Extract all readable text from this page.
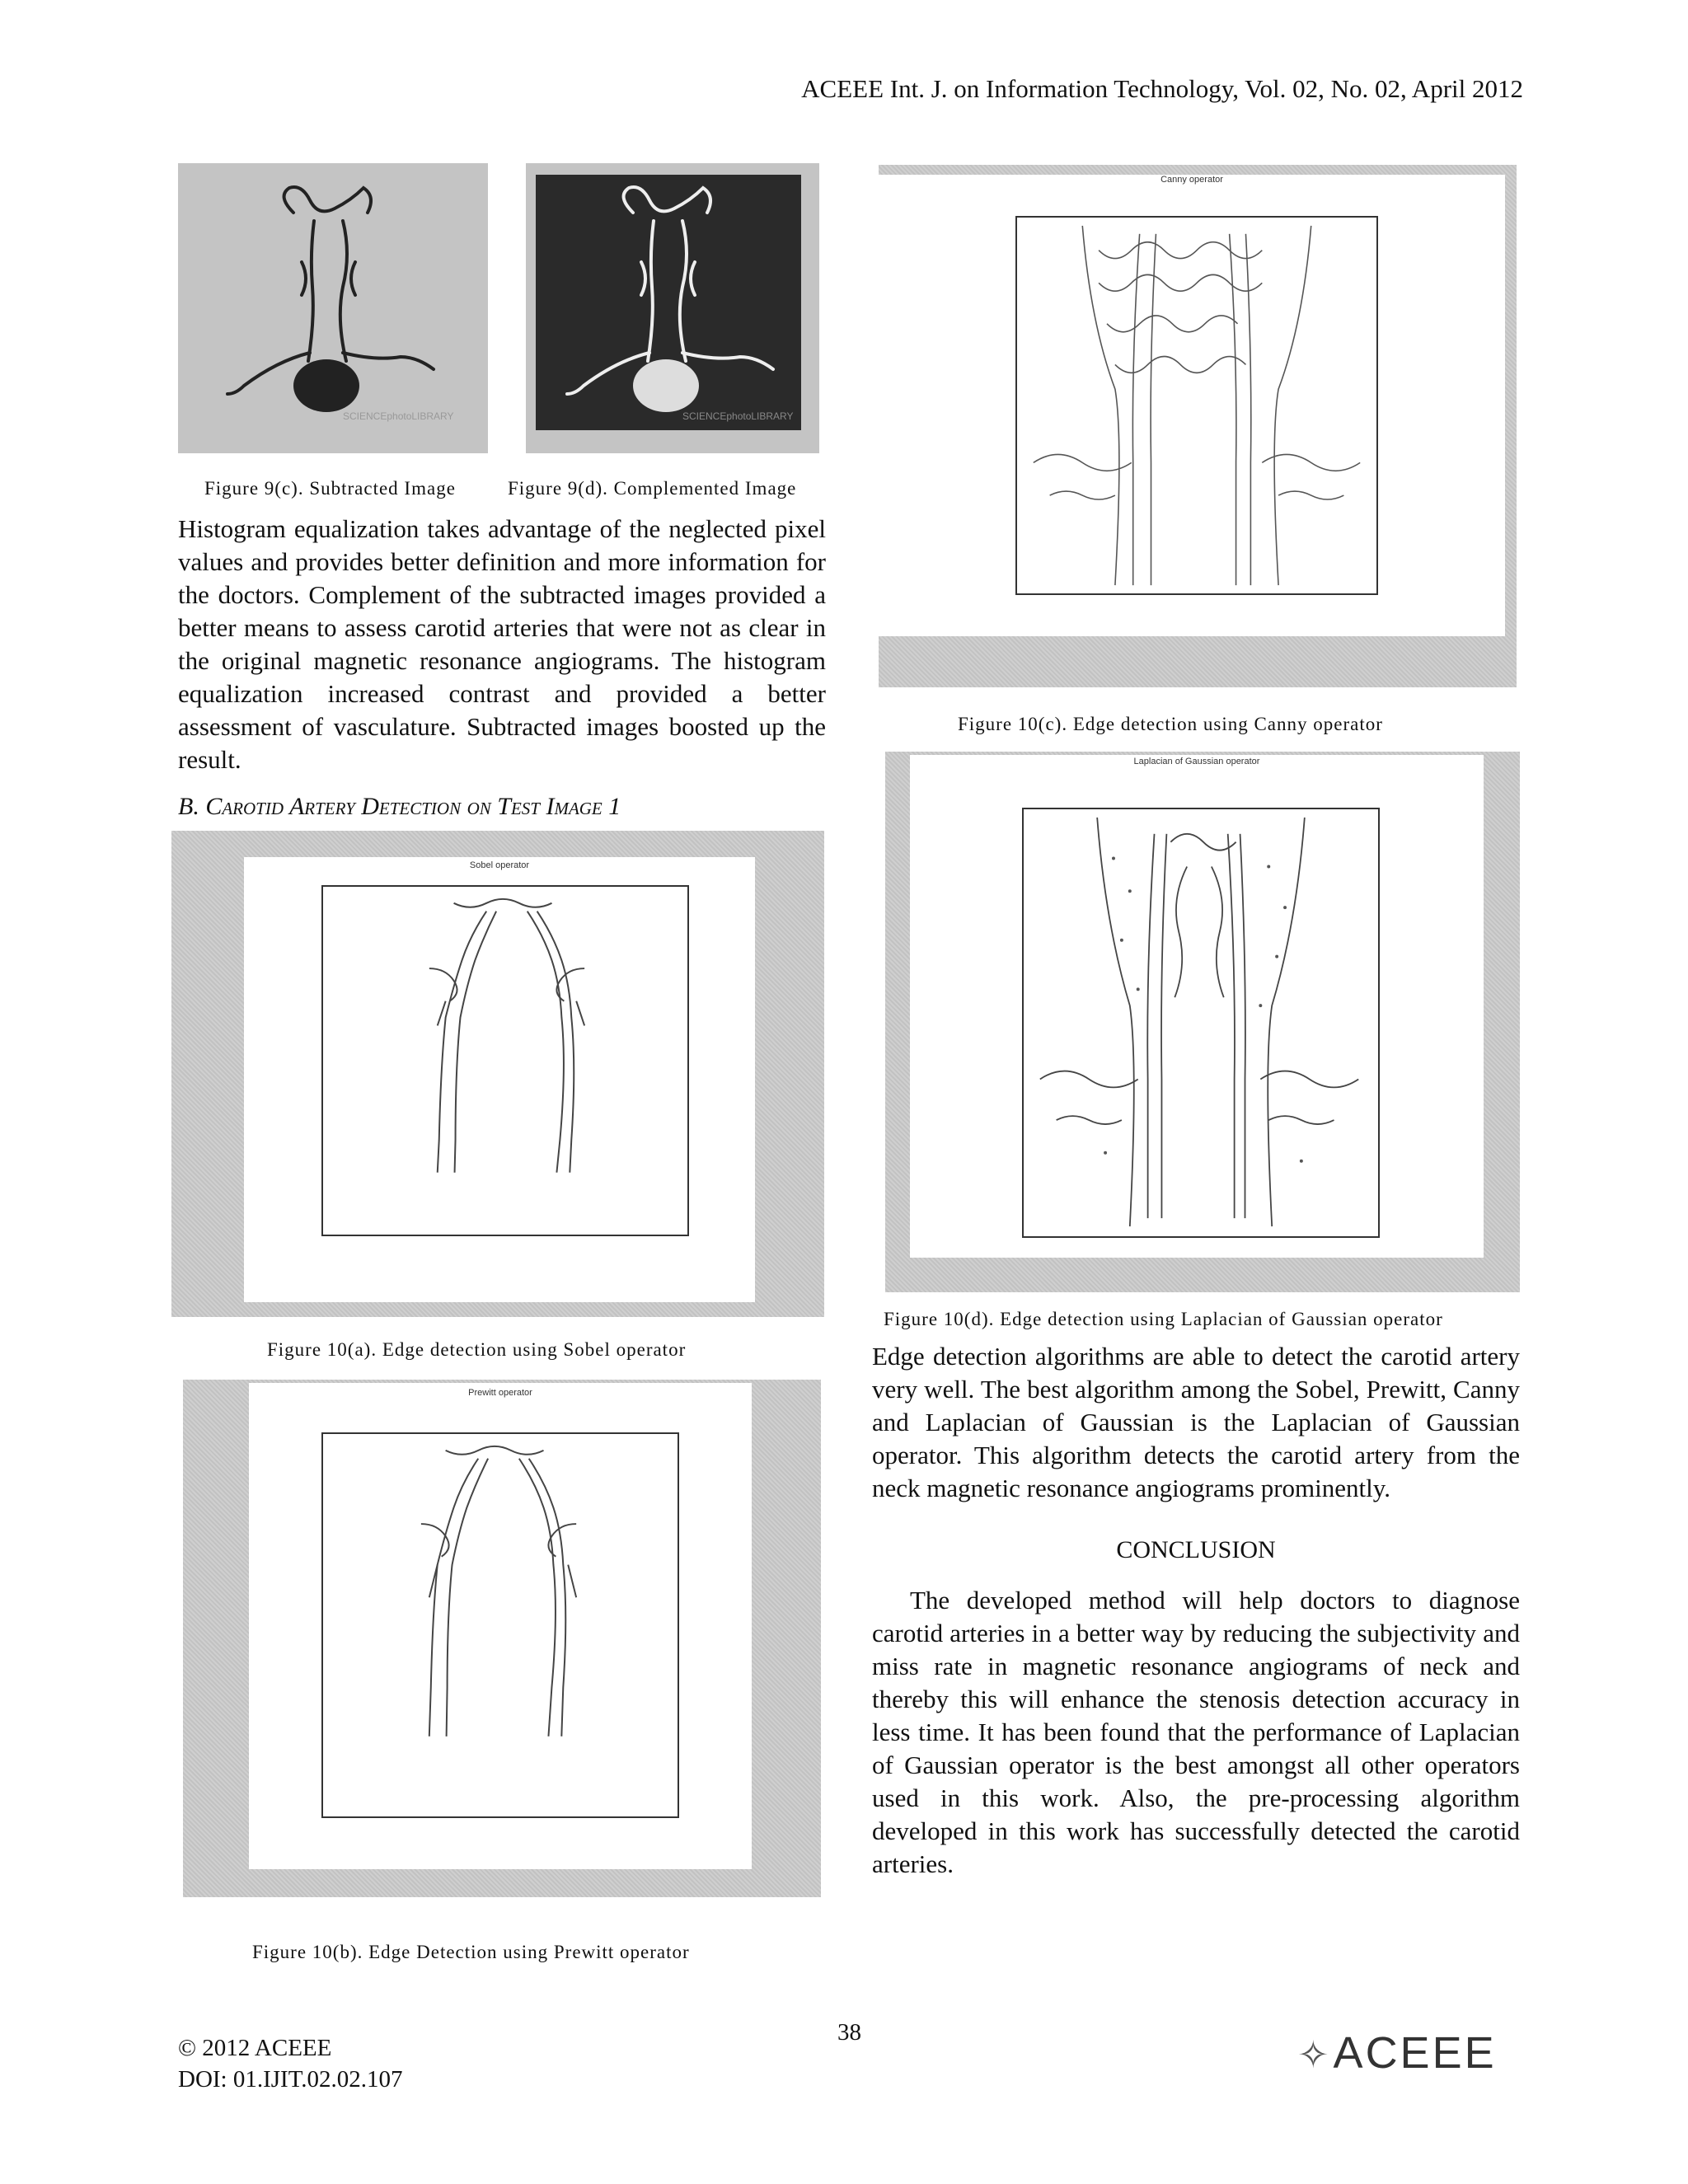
ACEEE Int. J. on Information Technology, Vol. 02, No. 02, April 2012
SCIENCEphotoLIBRARY	SCIENCEphotoLIBRARY
Figure 9(c). Subtracted Image	Figure 9(d). Complemented Image
Histogram equalization takes advantage of the neglected pixel values and provides better definition and more information for the doctors. Complement of the subtracted images provided a better means to assess carotid arteries that were not as clear in the original magnetic resonance angiograms. The histogram equalization increased contrast and provided a better assessment of vasculature. Subtracted images boosted up the result.
B. Carotid Artery Detection on Test Image 1
Sobel operator
Figure 10(a). Edge detection using Sobel operator
Prewitt operator
Figure 10(b). Edge Detection using Prewitt operator
Canny operator
Figure 10(c). Edge detection using Canny operator
Laplacian of Gaussian operator
Figure 10(d). Edge detection using Laplacian of Gaussian operator
Edge detection algorithms are able to detect the carotid artery very well. The best algorithm among the Sobel, Prewitt, Canny and Laplacian of Gaussian is the Laplacian of Gaussian operator. This algorithm detects the carotid artery from the neck magnetic resonance angiograms prominently.
CONCLUSION
The developed method will help doctors to diagnose carotid arteries in a better way by reducing the subjectivity and miss rate in magnetic resonance angiograms of neck and thereby this will enhance the stenosis detection accuracy in less time. It has been found that the performance of Laplacian of Gaussian operator is the best amongst all other operators used in this work. Also, the pre-processing algorithm developed in this work has successfully detected the carotid arteries.
© 2012 ACEEE
DOI: 01.IJIT.02.02.107
38
✧ACEEE
